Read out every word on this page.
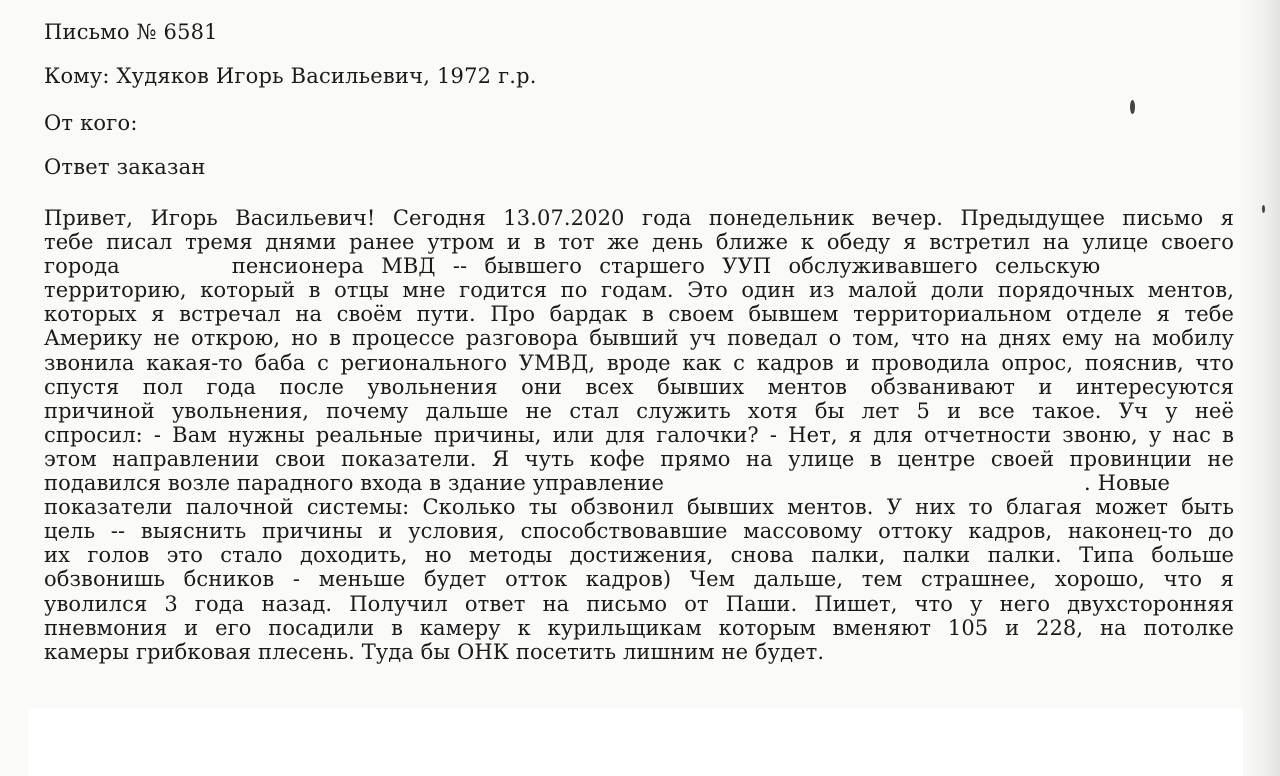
Письмо № 6581
Кому: Худяков Игорь Васильевич, 1972 г.р.
От кого:
Ответ заказан
Привет, Игорь Васильевич! Сегодня 13.07.2020 года понедельник вечер. Предыдущее письмо я
тебе писал тремя днями ранее утром и в тот же день ближе к обеду я встретил на улице своего
города	пенсионера МВД -- бывшего старшего УУП обслуживавшего сельскую
территорию, который в отцы мне годится по годам. Это один из малой доли порядочных ментов,
которых я встречал на своём пути. Про бардак в своем бывшем территориальном отделе я тебе
Америку не открою, но в процессе разговора бывший уч поведал о том, что на днях ему на мобилу
звонила какая-то баба с регионального УМВД, вроде как с кадров и проводила опрос, пояснив, что
спустя пол года после увольнения они всех бывших ментов обзванивают и интересуются
причиной увольнения, почему дальше не стал служить хотя бы лет 5 и все такое. Уч у неё
спросил: - Вам нужны реальные причины, или для галочки? - Нет, я для отчетности звоню, у нас в
этом направлении свои показатели. Я чуть кофе прямо на улице в центре своей провинции не
подавился возле парадного входа в здание управление	. Новые
показатели палочной системы: Сколько ты обзвонил бывших ментов. У них то благая может быть
цель -- выяснить причины и условия, способствовавшие массовому оттоку кадров, наконец-то до
их голов это стало доходить, но методы достижения, снова палки, палки палки. Типа больше
обзвонишь бсников - меньше будет отток кадров) Чем дальше, тем страшнее, хорошо, что я
уволился 3 года назад. Получил ответ на письмо от Паши. Пишет, что у него двухсторонняя
пневмония и его посадили в камеру к курильщикам которым вменяют 105 и 228, на потолке
камеры грибковая плесень. Туда бы ОНК посетить лишним не будет.
